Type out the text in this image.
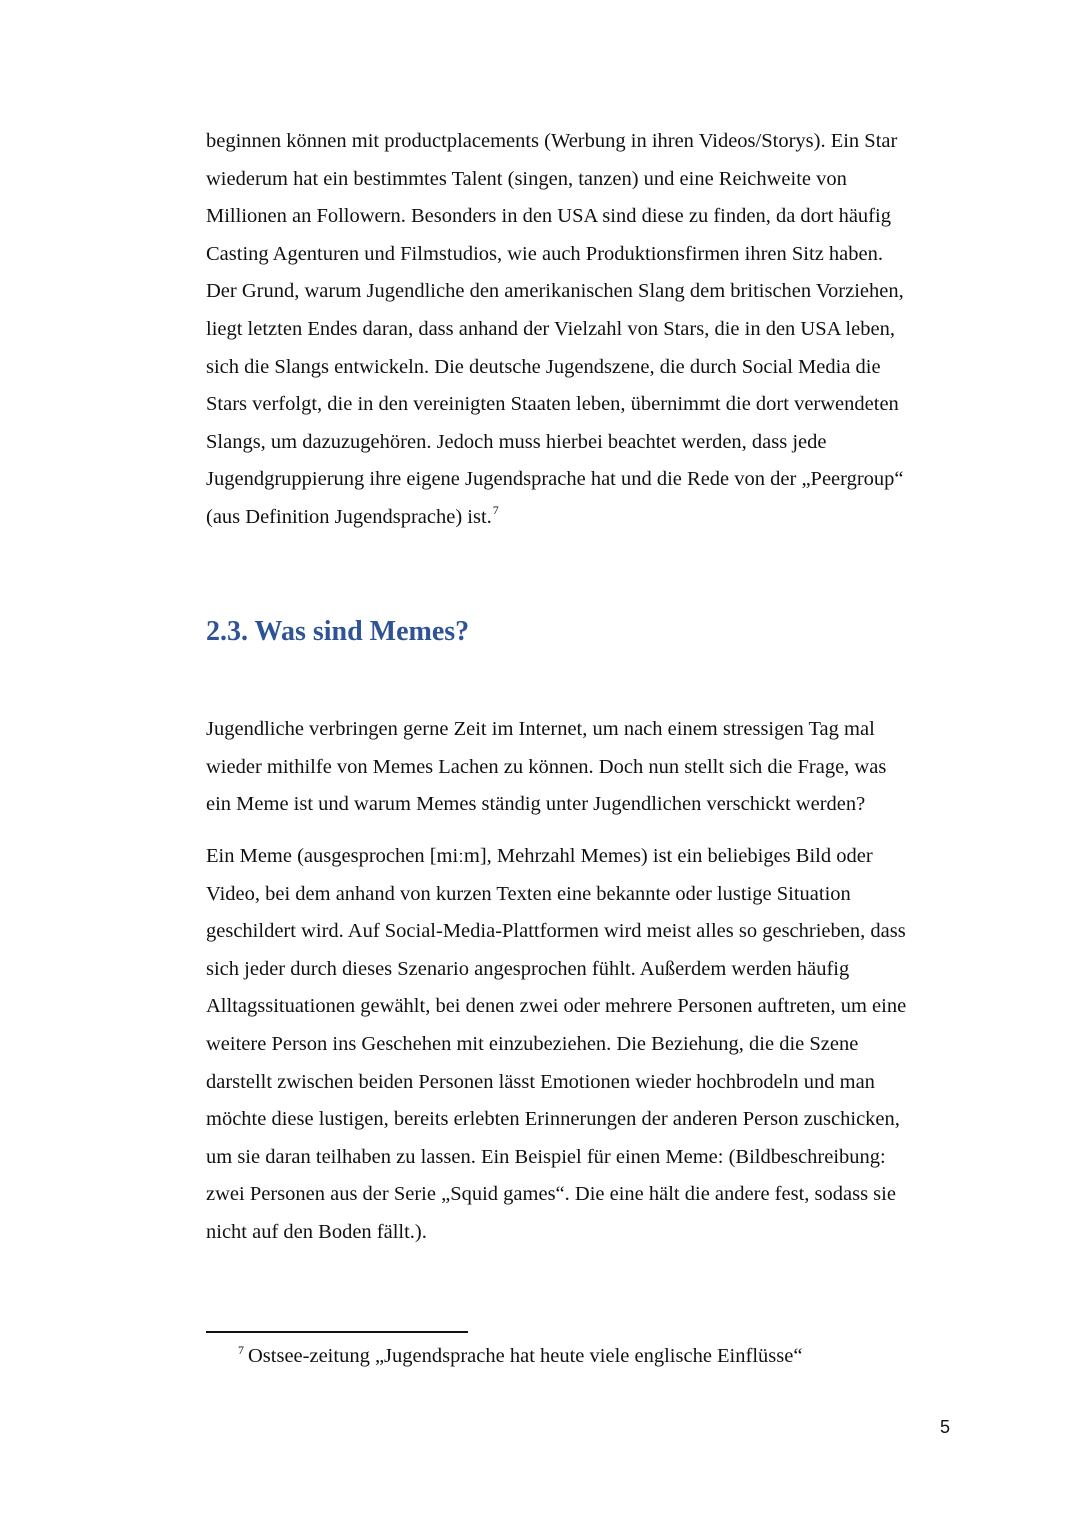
beginnen können mit productplacements (Werbung in ihren Videos/Storys). Ein Star
wiederum hat ein bestimmtes Talent (singen, tanzen) und eine Reichweite von
Millionen an Followern. Besonders in den USA sind diese zu finden, da dort häufig
Casting Agenturen und Filmstudios, wie auch Produktionsfirmen ihren Sitz haben.
Der Grund, warum Jugendliche den amerikanischen Slang dem britischen Vorziehen,
liegt letzten Endes daran, dass anhand der Vielzahl von Stars, die in den USA leben,
sich die Slangs entwickeln. Die deutsche Jugendszene, die durch Social Media die
Stars verfolgt, die in den vereinigten Staaten leben, übernimmt die dort verwendeten
Slangs, um dazuzugehören. Jedoch muss hierbei beachtet werden, dass jede
Jugendgruppierung ihre eigene Jugendsprache hat und die Rede von der „Peergroup“
(aus Definition Jugendsprache) ist.$^7$
2.3. Was sind Memes?
Jugendliche verbringen gerne Zeit im Internet, um nach einem stressigen Tag mal
wieder mithilfe von Memes Lachen zu können. Doch nun stellt sich die Frage, was
ein Meme ist und warum Memes ständig unter Jugendlichen verschickt werden?
Ein Meme (ausgesprochen [miːm], Mehrzahl Memes) ist ein beliebiges Bild oder
Video, bei dem anhand von kurzen Texten eine bekannte oder lustige Situation
geschildert wird. Auf Social-Media-Plattformen wird meist alles so geschrieben, dass
sich jeder durch dieses Szenario angesprochen fühlt. Außerdem werden häufig
Alltagssituationen gewählt, bei denen zwei oder mehrere Personen auftreten, um eine
weitere Person ins Geschehen mit einzubeziehen. Die Beziehung, die die Szene
darstellt zwischen beiden Personen lässt Emotionen wieder hochbrodeln und man
möchte diese lustigen, bereits erlebten Erinnerungen der anderen Person zuschicken,
um sie daran teilhaben zu lassen. Ein Beispiel für einen Meme: (Bildbeschreibung:
zwei Personen aus der Serie „Squid games“. Die eine hält die andere fest, sodass sie
nicht auf den Boden fällt.).
$^7$ Ostsee-zeitung „Jugendsprache hat heute viele englische Einflüsse“
5
